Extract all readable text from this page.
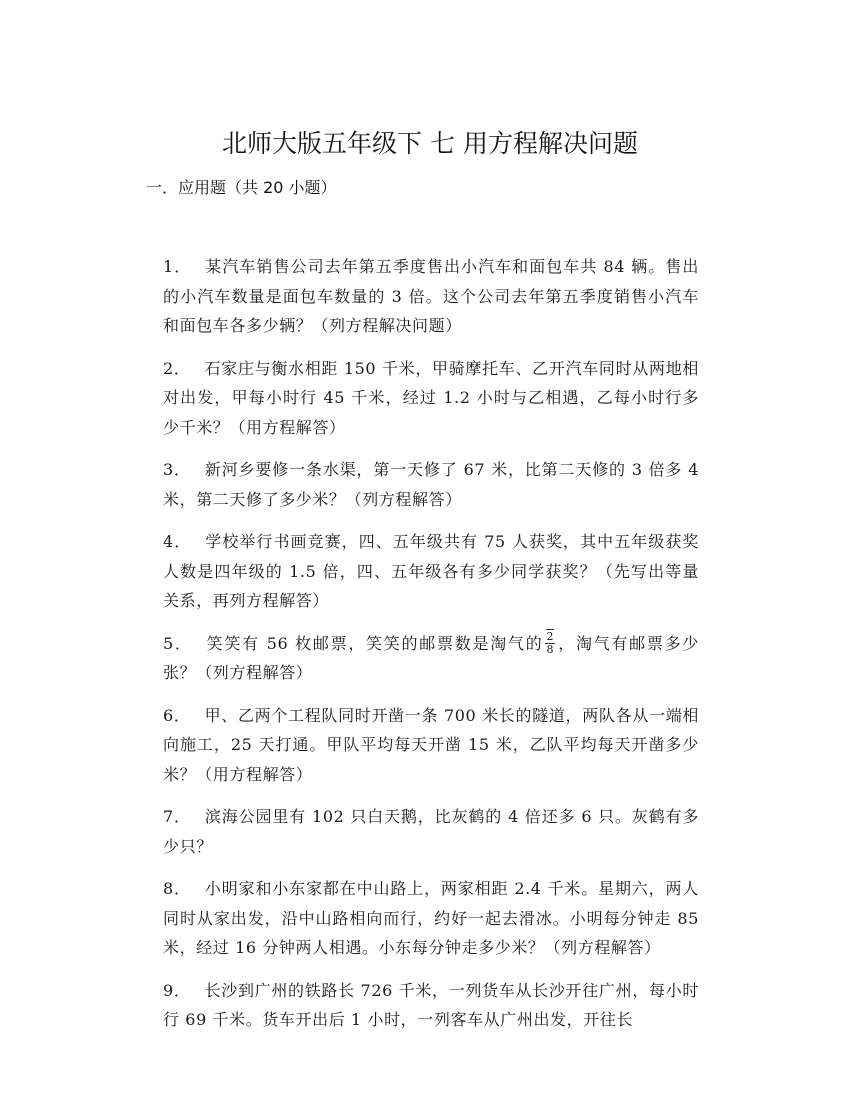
北师大版五年级下 七 用方程解决问题
一．应用题（共 20 小题）
1． 某汽车销售公司去年第五季度售出小汽车和面包车共 84 辆。售出的小汽车数量是面包车数量的 3 倍。这个公司去年第五季度销售小汽车和面包车各多少辆？（列方程解决问题）
2． 石家庄与衡水相距 150 千米，甲骑摩托车、乙开汽车同时从两地相对出发，甲每小时行 45 千米，经过 1.2 小时与乙相遇，乙每小时行多少千米？（用方程解答）
3． 新河乡要修一条水渠，第一天修了 67 米，比第二天修的 3 倍多 4 米，第二天修了多少米？（列方程解答）
4． 学校举行书画竞赛，四、五年级共有 75 人获奖，其中五年级获奖人数是四年级的 1.5 倍，四、五年级各有多少同学获奖？（先写出等量关系，再列方程解答）
5． 笑笑有 56 枚邮票，笑笑的邮票数是淘气的 $\frac{2}{8}$ ，淘气有邮票多少张？（列方程解答）
6． 甲、乙两个工程队同时开凿一条 700 米长的隧道，两队各从一端相向施工，25 天打通。甲队平均每天开凿 15 米，乙队平均每天开凿多少米？（用方程解答）
7． 滨海公园里有 102 只白天鹅，比灰鹤的 4 倍还多 6 只。灰鹤有多少只？
8． 小明家和小东家都在中山路上，两家相距 2.4 千米。星期六，两人同时从家出发，沿中山路相向而行，约好一起去滑冰。小明每分钟走 85 米，经过 16 分钟两人相遇。小东每分钟走多少米？（列方程解答）
9． 长沙到广州的铁路长 726 千米，一列货车从长沙开往广州，每小时行 69 千米。货车开出后 1 小时，一列客车从广州出发，开往长
